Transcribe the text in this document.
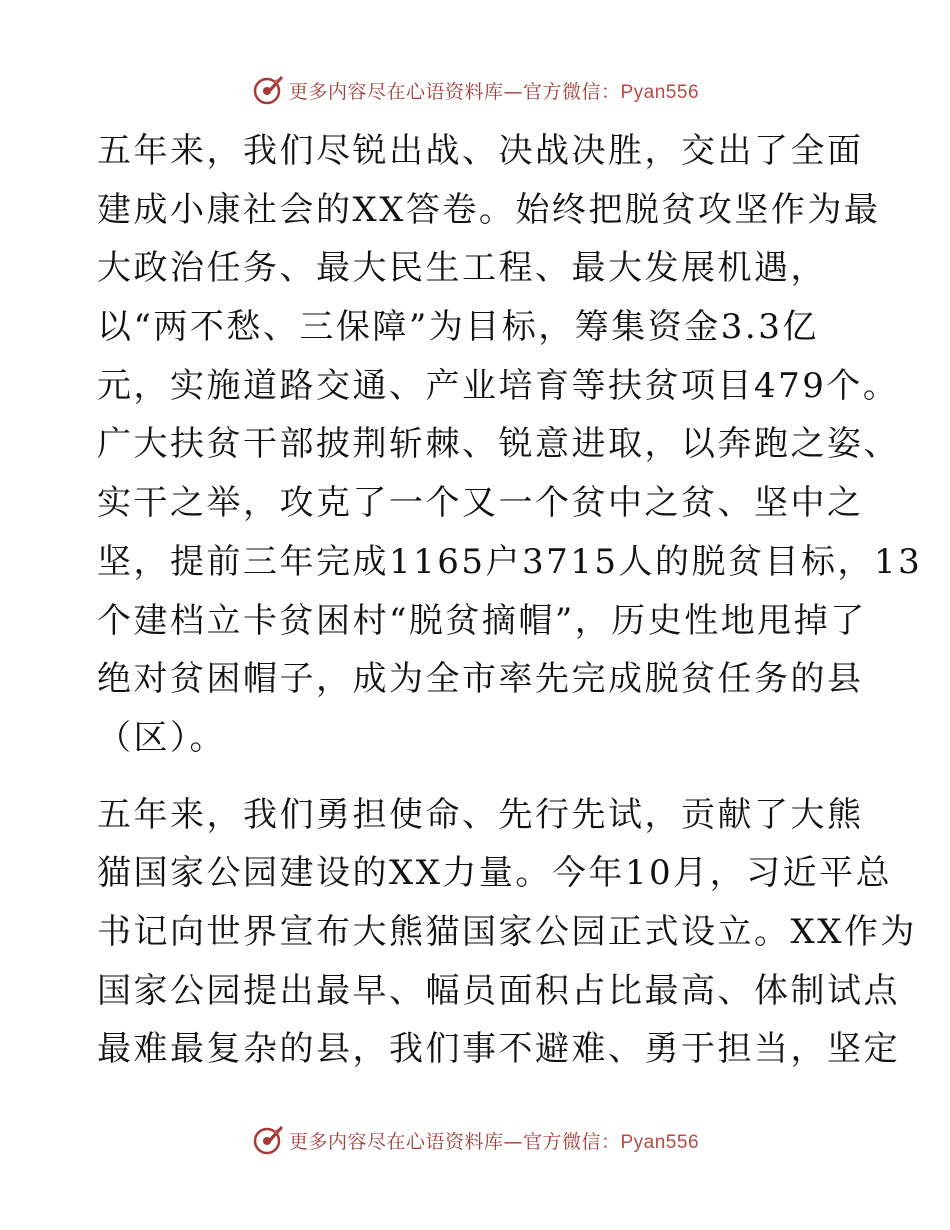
更多内容尽在心语资料库—官方微信：Pyan556
五年来，我们尽锐出战、决战决胜，交出了全面
建成小康社会的XX答卷。始终把脱贫攻坚作为最
大政治任务、最大民生工程、最大发展机遇，
以“两不愁、三保障”为目标，筹集资金3.3亿
元，实施道路交通、产业培育等扶贫项目479个。
广大扶贫干部披荆斩棘、锐意进取，以奔跑之姿、
实干之举，攻克了一个又一个贫中之贫、坚中之
坚，提前三年完成1165户3715人的脱贫目标，13
个建档立卡贫困村“脱贫摘帽”，历史性地甩掉了
绝对贫困帽子，成为全市率先完成脱贫任务的县
（区）。
五年来，我们勇担使命、先行先试，贡献了大熊
猫国家公园建设的XX力量。今年10月，习近平总
书记向世界宣布大熊猫国家公园正式设立。XX作为
国家公园提出最早、幅员面积占比最高、体制试点
最难最复杂的县，我们事不避难、勇于担当，坚定
更多内容尽在心语资料库—官方微信：Pyan556
